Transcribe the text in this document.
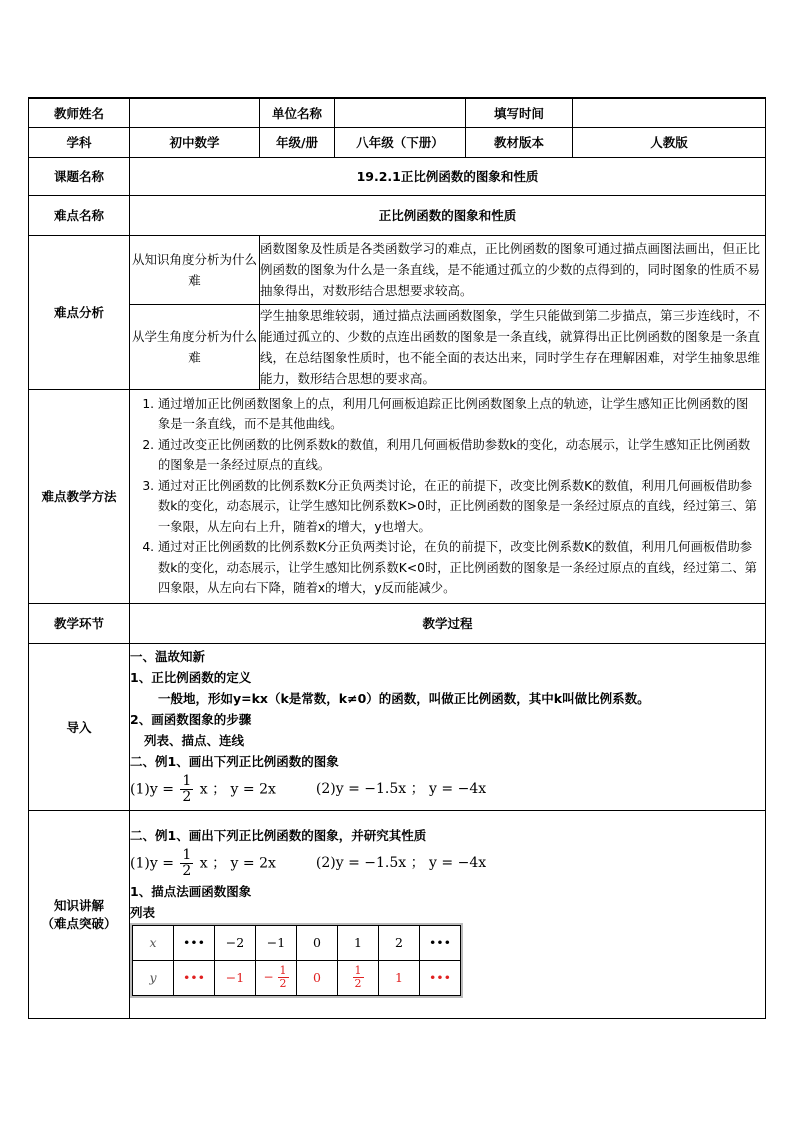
教师姓名		单位名称		填写时间	
学科	初中数学	年级/册	八年级（下册）	教材版本	人教版
课题名称	19.2.1正比例函数的图象和性质
难点名称	正比例函数的图象和性质
难点分析	从知识角度分析为什么难	函数图象及性质是各类函数学习的难点，正比例函数的图象可通过描点画图法画出，但正比例函数的图象为什么是一条直线，是不能通过孤立的少数的点得到的，同时图象的性质不易抽象得出，对数形结合思想要求较高。
从学生角度分析为什么难	学生抽象思维较弱，通过描点法画函数图象，学生只能做到第二步描点，第三步连线时，不能通过孤立的、少数的点连出函数的图象是一条直线，就算得出正比例函数的图象是一条直线，在总结图象性质时，也不能全面的表达出来，同时学生存在理解困难，对学生抽象思维能力，数形结合思想的要求高。
难点教学方法	
1. 通过增加正比例函数图象上的点，利用几何画板追踪正比例函数图象上点的轨迹，让学生感知正比例函数的图象是一条直线，而不是其他曲线。
2. 通过改变正比例函数的比例系数k的数值，利用几何画板借助参数k的变化，动态展示，让学生感知正比例函数的图象是一条经过原点的直线。
3. 通过对正比例函数的比例系数K分正负两类讨论，在正的前提下，改变比例系数K的数值，利用几何画板借助参数k的变化，动态展示，让学生感知比例系数K>0时，正比例函数的图象是一条经过原点的直线，经过第三、第一象限，从左向右上升，随着x的增大，y也增大。
4. 通过对正比例函数的比例系数K分正负两类讨论，在负的前提下，改变比例系数K的数值，利用几何画板借助参数k的变化，动态展示，让学生感知比例系数K<0时，正比例函数的图象是一条经过原点的直线，经过第二、第四象限，从左向右下降，随着x的增大，y反而能减少。

教学环节	教学过程
导入	
一、温故知新
1、正比例函数的定义
一般地，形如y=kx（k是常数，k≠0）的函数，叫做正比例函数，其中k叫做比例系数。
2、画函数图象的步骤
列表、描点、连线
二、例1、画出下列正比例函数的图象
$(1)y = \frac{1}{2}$ x ； y = 2x	(2)y = −1.5x ； y = −4x

知识讲解
（难点突破）

二、例1、画出下列正比例函数的图象，并研究其性质
$(1)y = \frac{1}{2}$ x ； y = 2x	(2)y = −1.5x ； y = −4x
1、描点法画函数图象
列表
x	•••	−2	−1	0	1	2	•••
y	•••	−1	− $\frac{1}{2}$	0	$\frac{1}{2}$	1	•••
